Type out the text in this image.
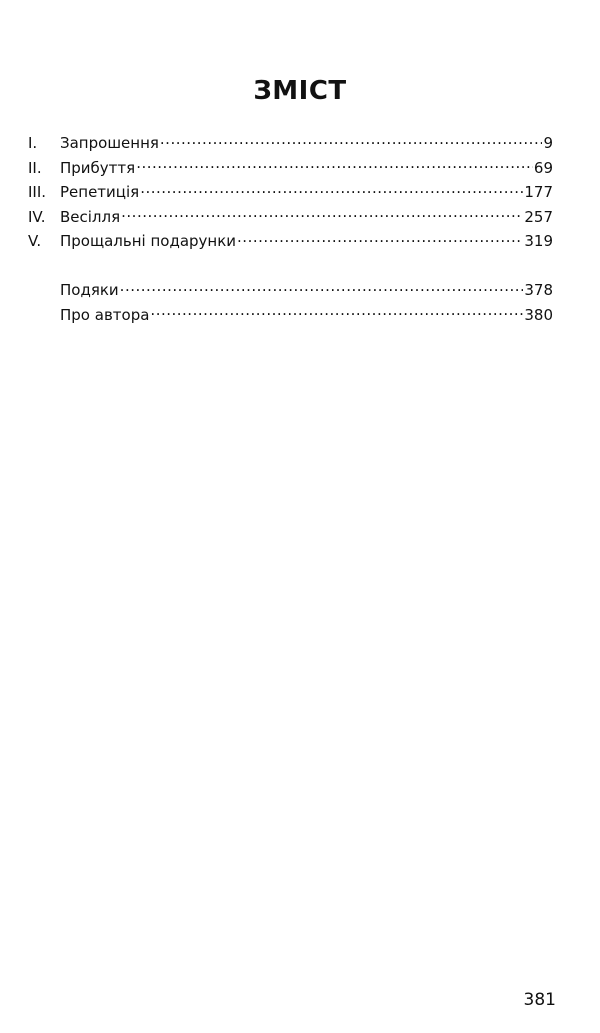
ЗМІСТ
I.	Запрошення .....	9
II.	Прибуття .....	69
III. Репетиція .....	177
IV. Весілля .....	257
V.	Прощальні подарунки .....	319
Подяки .....	378
Про автора .....	380
381
